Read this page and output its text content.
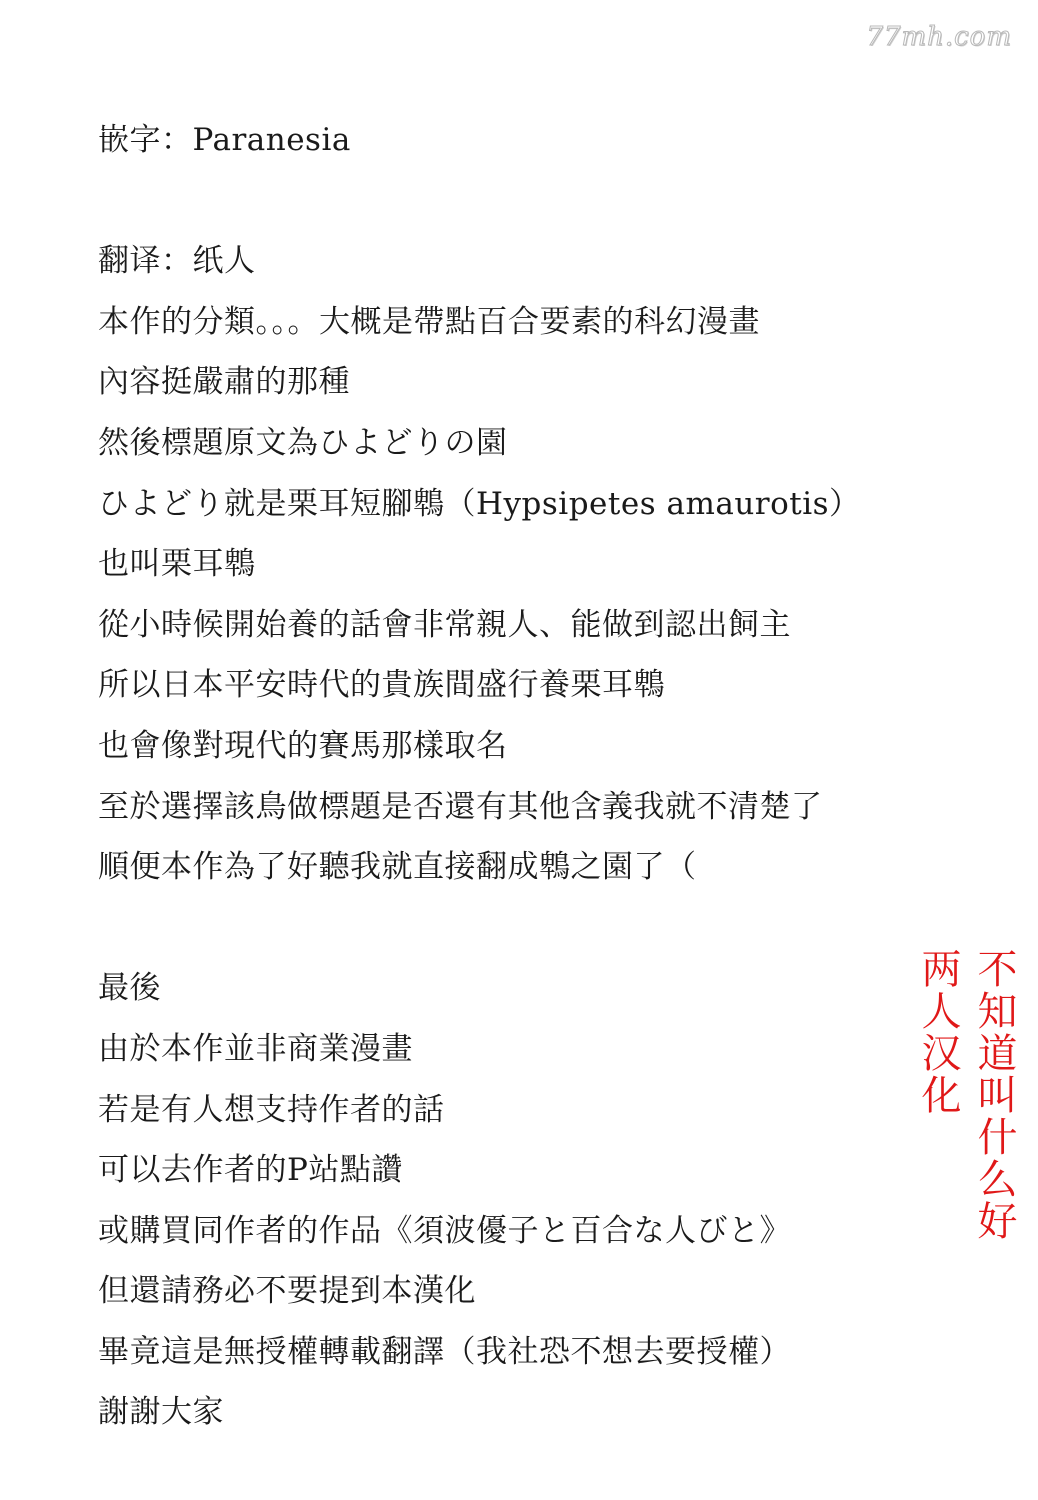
77mh.com
嵌字：Paranesia
翻译：纸人
本作的分類。。。大概是帶點百合要素的科幻漫畫
內容挺嚴肅的那種
然後標題原文為ひよどりの園
ひよどり就是栗耳短腳鵯（Hypsipetes amaurotis）
也叫栗耳鵯
從小時候開始養的話會非常親人、能做到認出飼主
所以日本平安時代的貴族間盛行養栗耳鵯
也會像對現代的賽馬那樣取名
至於選擇該鳥做標題是否還有其他含義我就不清楚了
順便本作為了好聽我就直接翻成鵯之園了（
最後
由於本作並非商業漫畫
若是有人想支持作者的話
可以去作者的P站點讚
或購買同作者的作品《須波優子と百合な人びと》
但還請務必不要提到本漢化
畢竟這是無授權轉載翻譯（我社恐不想去要授權）
謝謝大家
不知道叫什么好
两人汉化
